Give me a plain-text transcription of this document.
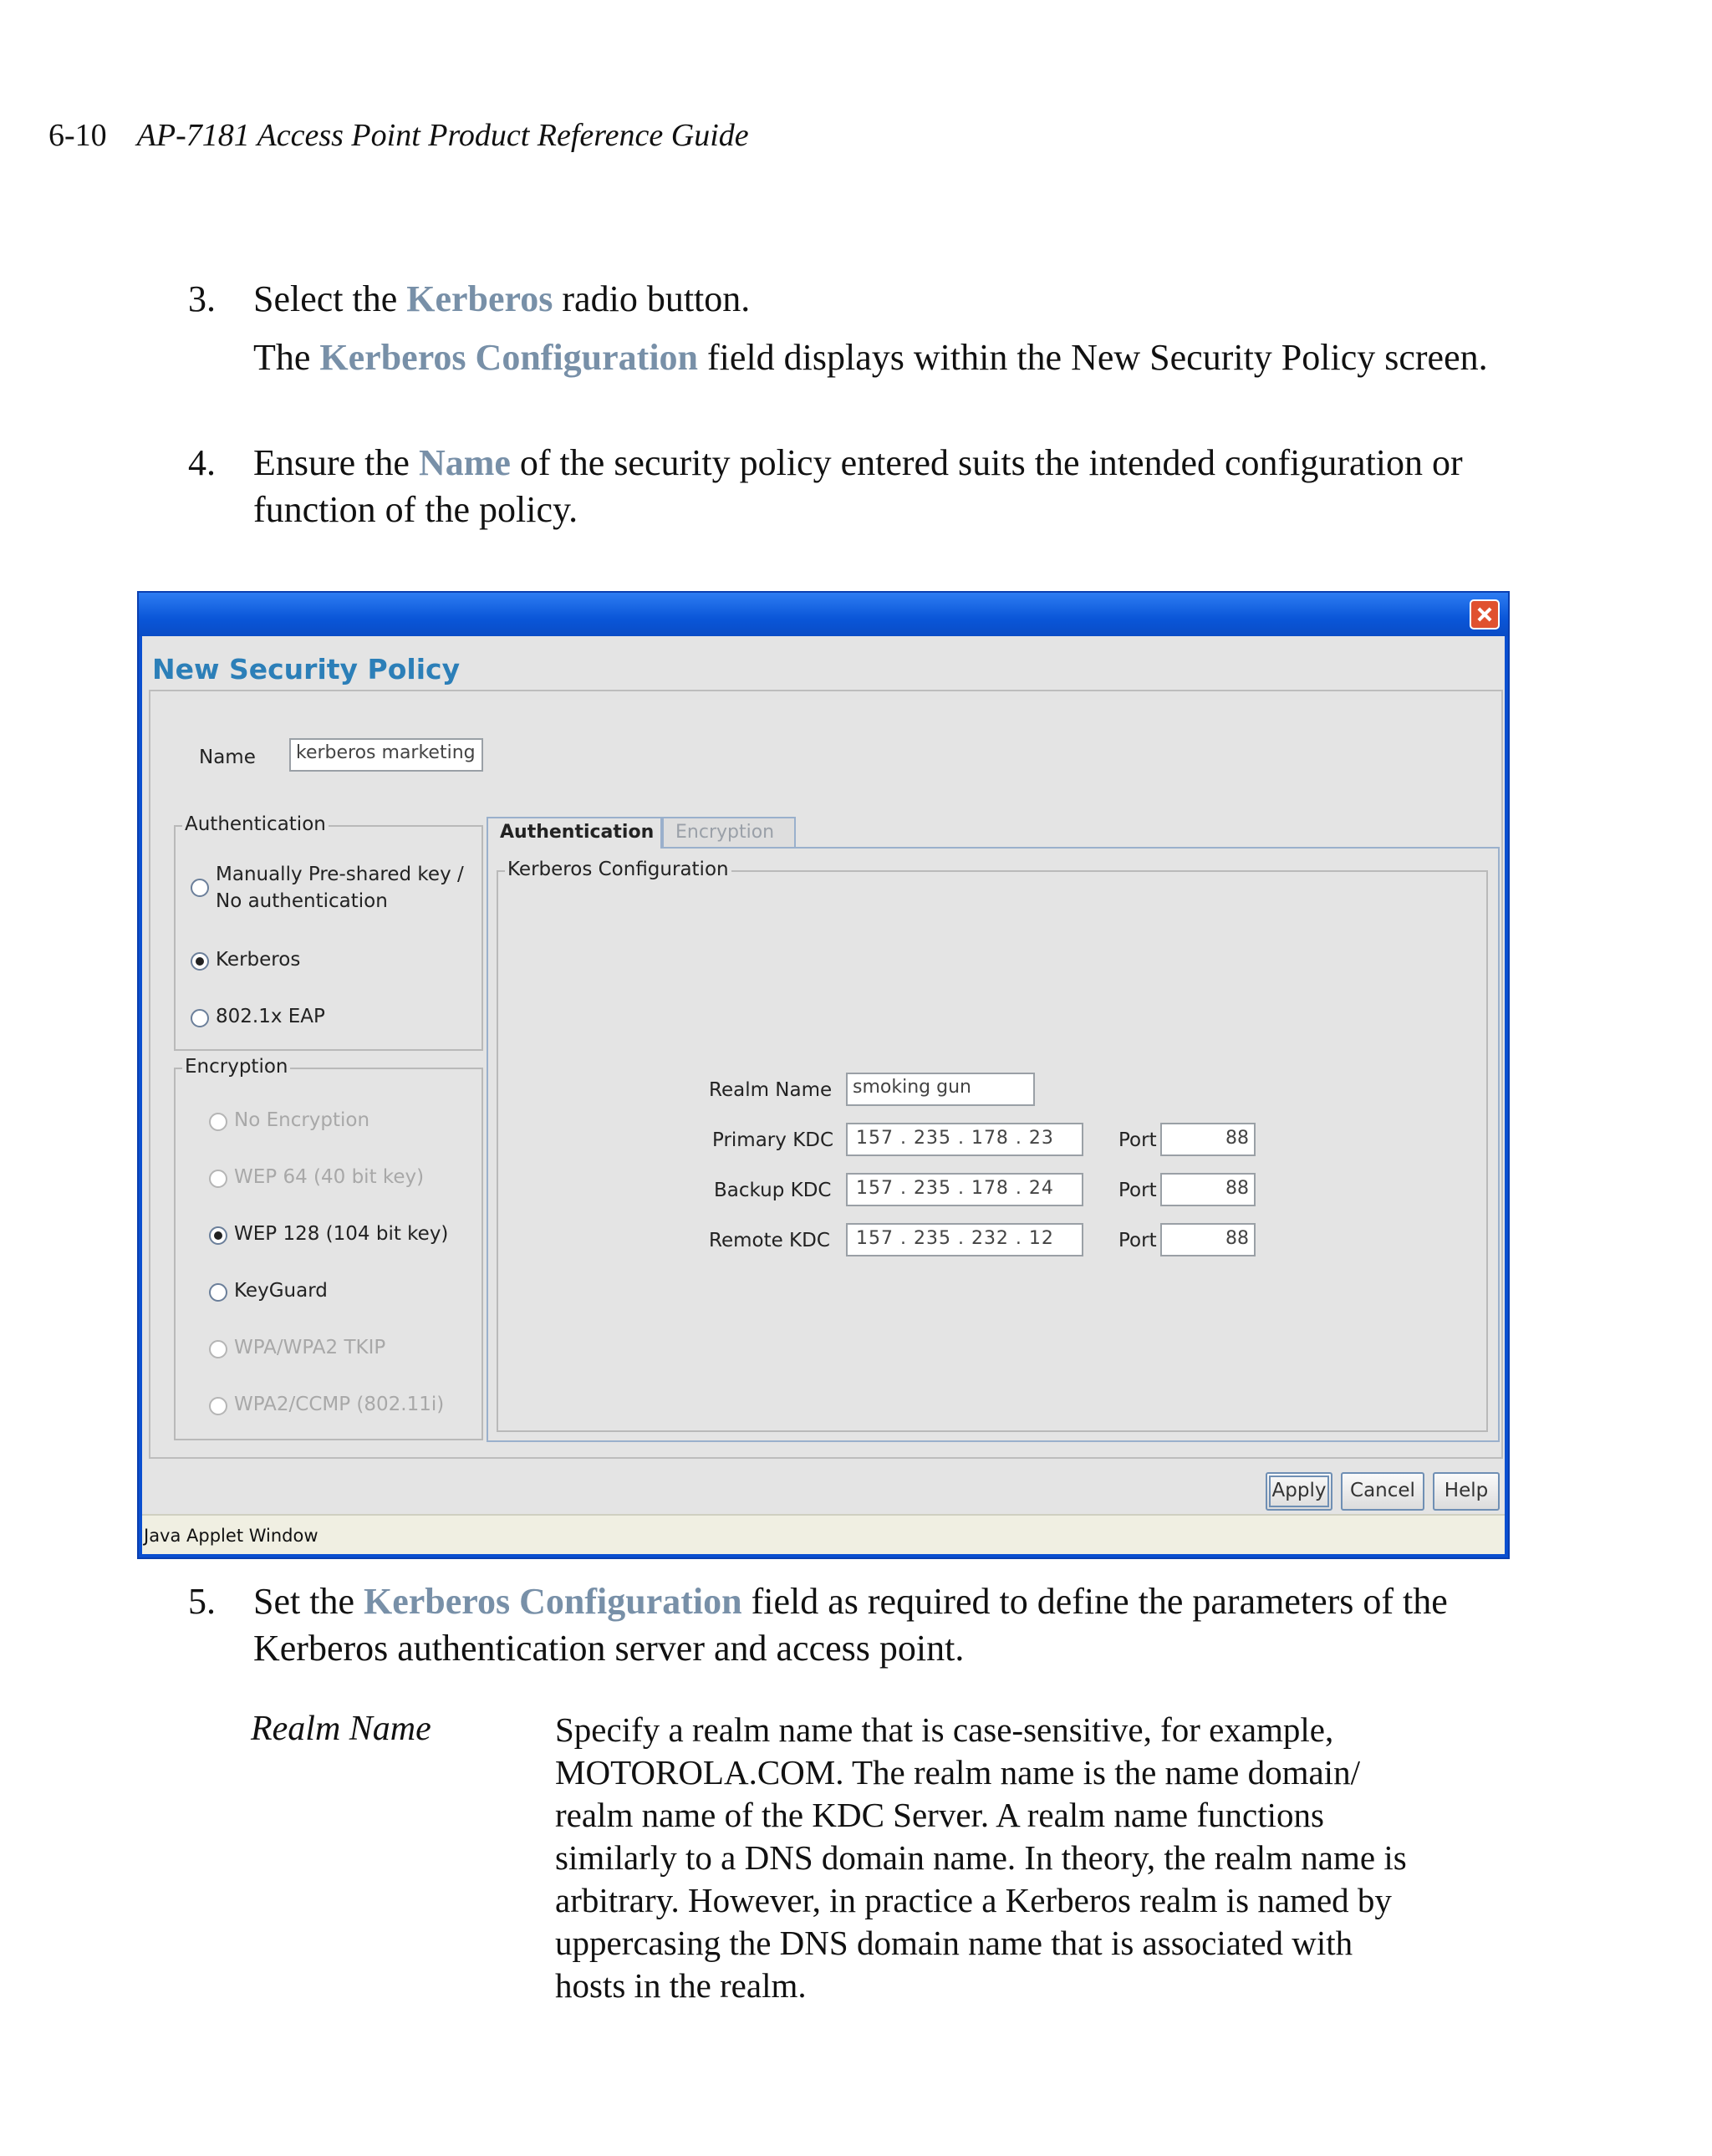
6-10 AP-7181 Access Point Product Reference Guide
3.	Select the Kerberos radio button.
The Kerberos Configuration field displays within the New Security Policy screen.
4.	Ensure the Name of the security policy entered suits the intended configuration or function of the policy.
New Security Policy
Name	kerberos marketing
Authentication
Manually Pre-shared key /
No authentication
Kerberos
802.1x EAP
Encryption
No Encryption
WEP 64 (40 bit key)
WEP 128 (104 bit key)
KeyGuard
WPA/WPA2 TKIP
WPA2/CCMP (802.11i)
Authentication	Encryption
Kerberos Configuration
Realm Name	smoking gun
Primary KDC	157 . 235 . 178 . 23	Port	88
Backup KDC	157 . 235 . 178 . 24	Port	88
Remote KDC	157 . 235 . 232 . 12	Port	88
Apply	Cancel	Help
Java Applet Window
5.	Set the Kerberos Configuration field as required to define the parameters of the Kerberos authentication server and access point.
Realm Name	Specify a realm name that is case-sensitive, for example, MOTOROLA.COM. The realm name is the name domain/ realm name of the KDC Server. A realm name functions similarly to a DNS domain name. In theory, the realm name is arbitrary. However, in practice a Kerberos realm is named by uppercasing the DNS domain name that is associated with hosts in the realm.
